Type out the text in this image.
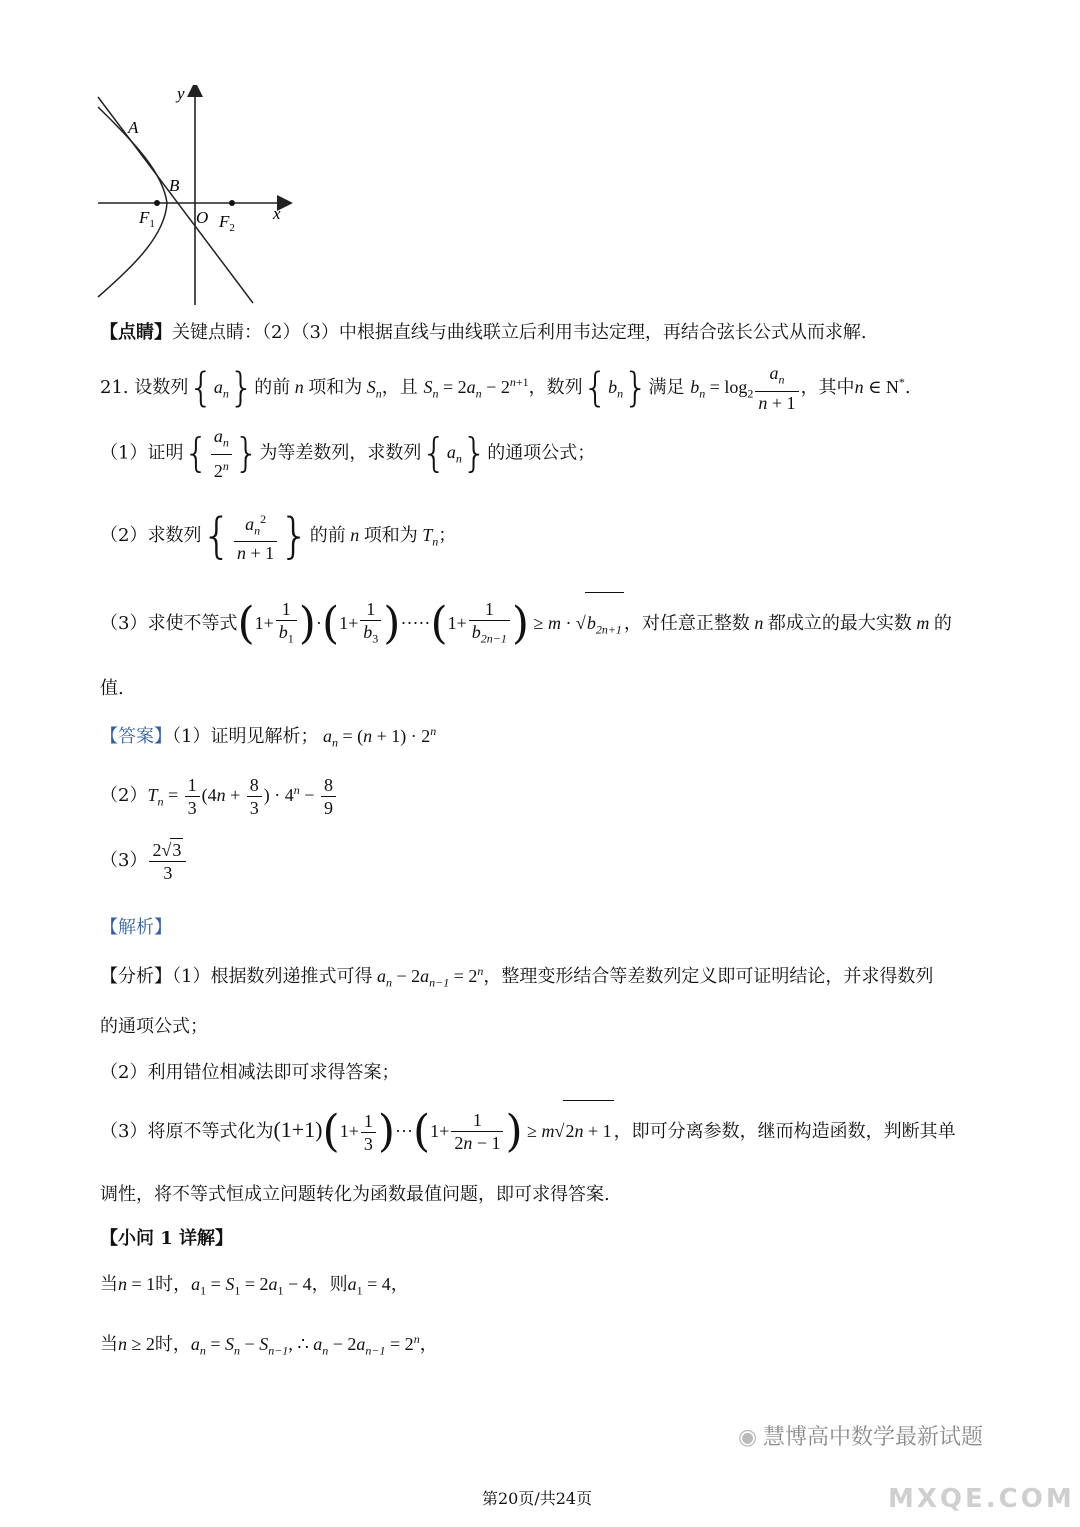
y
x
A
B
$F_1$ O $F_2$
【点睛】关键点睛：（2）（3）中根据直线与曲线联立后利用韦达定理，再结合弦长公式从而求解.
21. 设数列$\{a_n\}$的前 n 项和为 $S_n$，且 $S_n = 2a_n - 2^{n+1}$，数列$\{b_n\}$满足 $b_n = \log_2 \frac{a_n}{n + 1}$ ，其中n ∈ N*.
（1）证明{ $\frac{a_n}{2^n}$ }为等差数列，求数列$\{a_n\}$的通项公式；
（2）求数列{ $\frac{a_n^2}{n + 1}$ }的前 n 项和为 $T_n$；
（3）求使不等式$(1+ \frac{1}{b_1} )\cdot(1+ \frac{1}{b_3} )\cdot\cdot\cdot\cdot\cdot(1+ \frac{1}{b_{2n-1}}$ ) ≥ $m \cdot √b_{2n+1}$ ，对任意正整数 n 都成立的最大实数 m 的
值.
【答案】（1）证明见解析； $a_n = (n + 1) \cdot 2^n$
$(2)T_n = \frac{1}{3} (4n + \frac{8}{3}$ ) · $4^n - \frac{8}{9}$
$(3) \frac{2√3}{3}$
【解析】
【分析】（1）根据数列递推式可得 $a_n - 2a_{n-1} = 2^n$，整理变形结合等差数列定义即可证明结论，并求得数列
的通项公式；
（2）利用错位相减法即可求得答案；
（3）将原不等式化为$(1+1)(1+ \frac{1}{3} )\cdot\cdot\cdot(1+ \frac{1}{2n - 1}$ ) ≥ m√2n + 1 ，即可分离参数，继而构造函数，判断其单
调性，将不等式恒成立问题转化为函数最值问题，即可求得答案.
【小问 1 详解】
当n = 1时，$a_1 = S_1 = 2a_1 - 4$，则$a_1 = 4$，
当n ≥ 2时，$a_n = S_n - S_{n-1}$, ∴ $a_n - 2a_{n-1} = 2^n$，
第20页/共24页
◉ 慧博高中数学最新试题
MXQE.COM
